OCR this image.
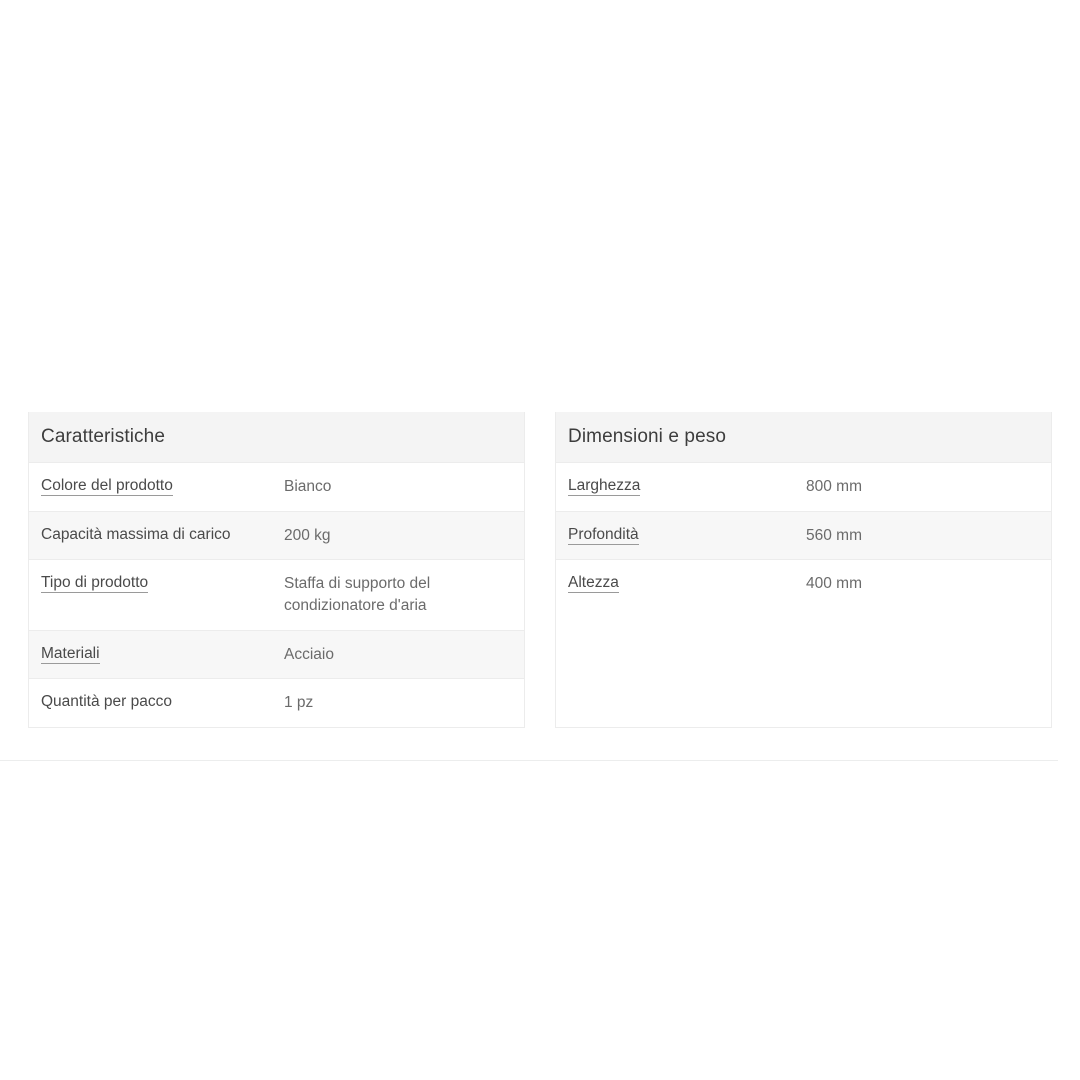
Caratteristiche
Colore del prodotto	Bianco
Capacità massima di carico	200 kg
Tipo di prodotto	Staffa di supporto del condizionatore d'aria
Materiali	Acciaio
Quantità per pacco	1 pz
Dimensioni e peso
Larghezza	800 mm
Profondità	560 mm
Altezza	400 mm
